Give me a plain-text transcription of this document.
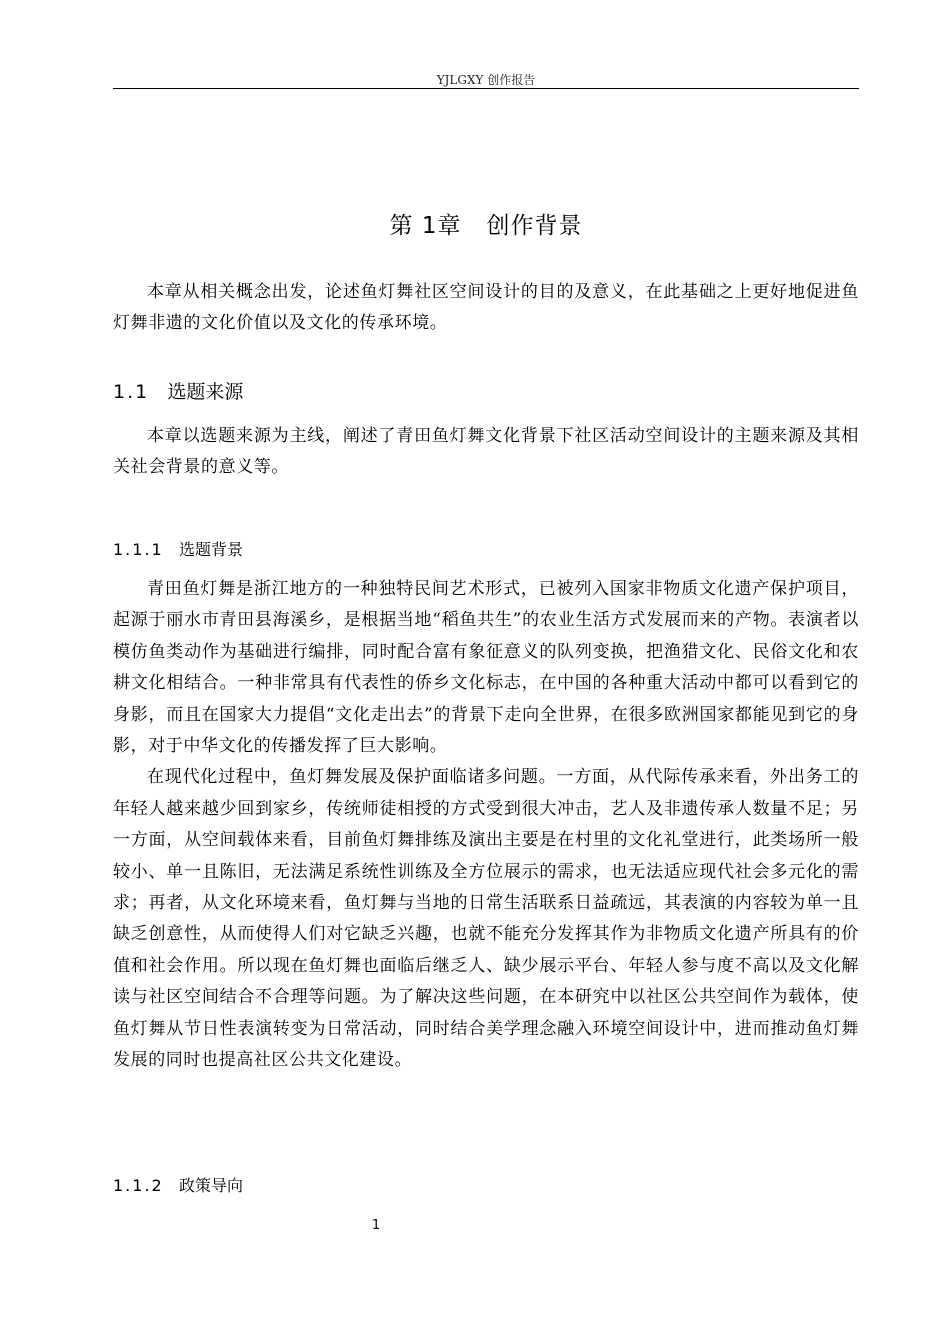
YJLGXY 创作报告
第 1章 创作背景

本章从相关概念出发，论述鱼灯舞社区空间设计的目的及意义，在此基础之上更好地促进鱼灯舞非遗的文化价值以及文化的传承环境。

1.1 选题来源

本章以选题来源为主线，阐述了青田鱼灯舞文化背景下社区活动空间设计的主题来源及其相关社会背景的意义等。

1.1.1 选题背景

青田鱼灯舞是浙江地方的一种独特民间艺术形式，已被列入国家非物质文化遗产保护项目，起源于丽水市青田县海溪乡，是根据当地“稻鱼共生”的农业生活方式发展而来的产物。表演者以模仿鱼类动作为基础进行编排，同时配合富有象征意义的队列变换，把渔猎文化、民俗文化和农耕文化相结合。一种非常具有代表性的侨乡文化标志，在中国的各种重大活动中都可以看到它的身影，而且在国家大力提倡“文化走出去”的背景下走向全世界，在很多欧洲国家都能见到它的身影，对于中华文化的传播发挥了巨大影响。

在现代化过程中，鱼灯舞发展及保护面临诸多问题。一方面，从代际传承来看，外出务工的年轻人越来越少回到家乡，传统师徒相授的方式受到很大冲击，艺人及非遗传承人数量不足；另一方面，从空间载体来看，目前鱼灯舞排练及演出主要是在村里的文化礼堂进行，此类场所一般较小、单一且陈旧，无法满足系统性训练及全方位展示的需求，也无法适应现代社会多元化的需求；再者，从文化环境来看，鱼灯舞与当地的日常生活联系日益疏远，其表演的内容较为单一且缺乏创意性，从而使得人们对它缺乏兴趣，也就不能充分发挥其作为非物质文化遗产所具有的价值和社会作用。所以现在鱼灯舞也面临后继乏人、缺少展示平台、年轻人参与度不高以及文化解读与社区空间结合不合理等问题。为了解决这些问题，在本研究中以社区公共空间作为载体，使鱼灯舞从节日性表演转变为日常活动，同时结合美学理念融入环境空间设计中，进而推动鱼灯舞发展的同时也提高社区公共文化建设。

1.1.2 政策导向
1
